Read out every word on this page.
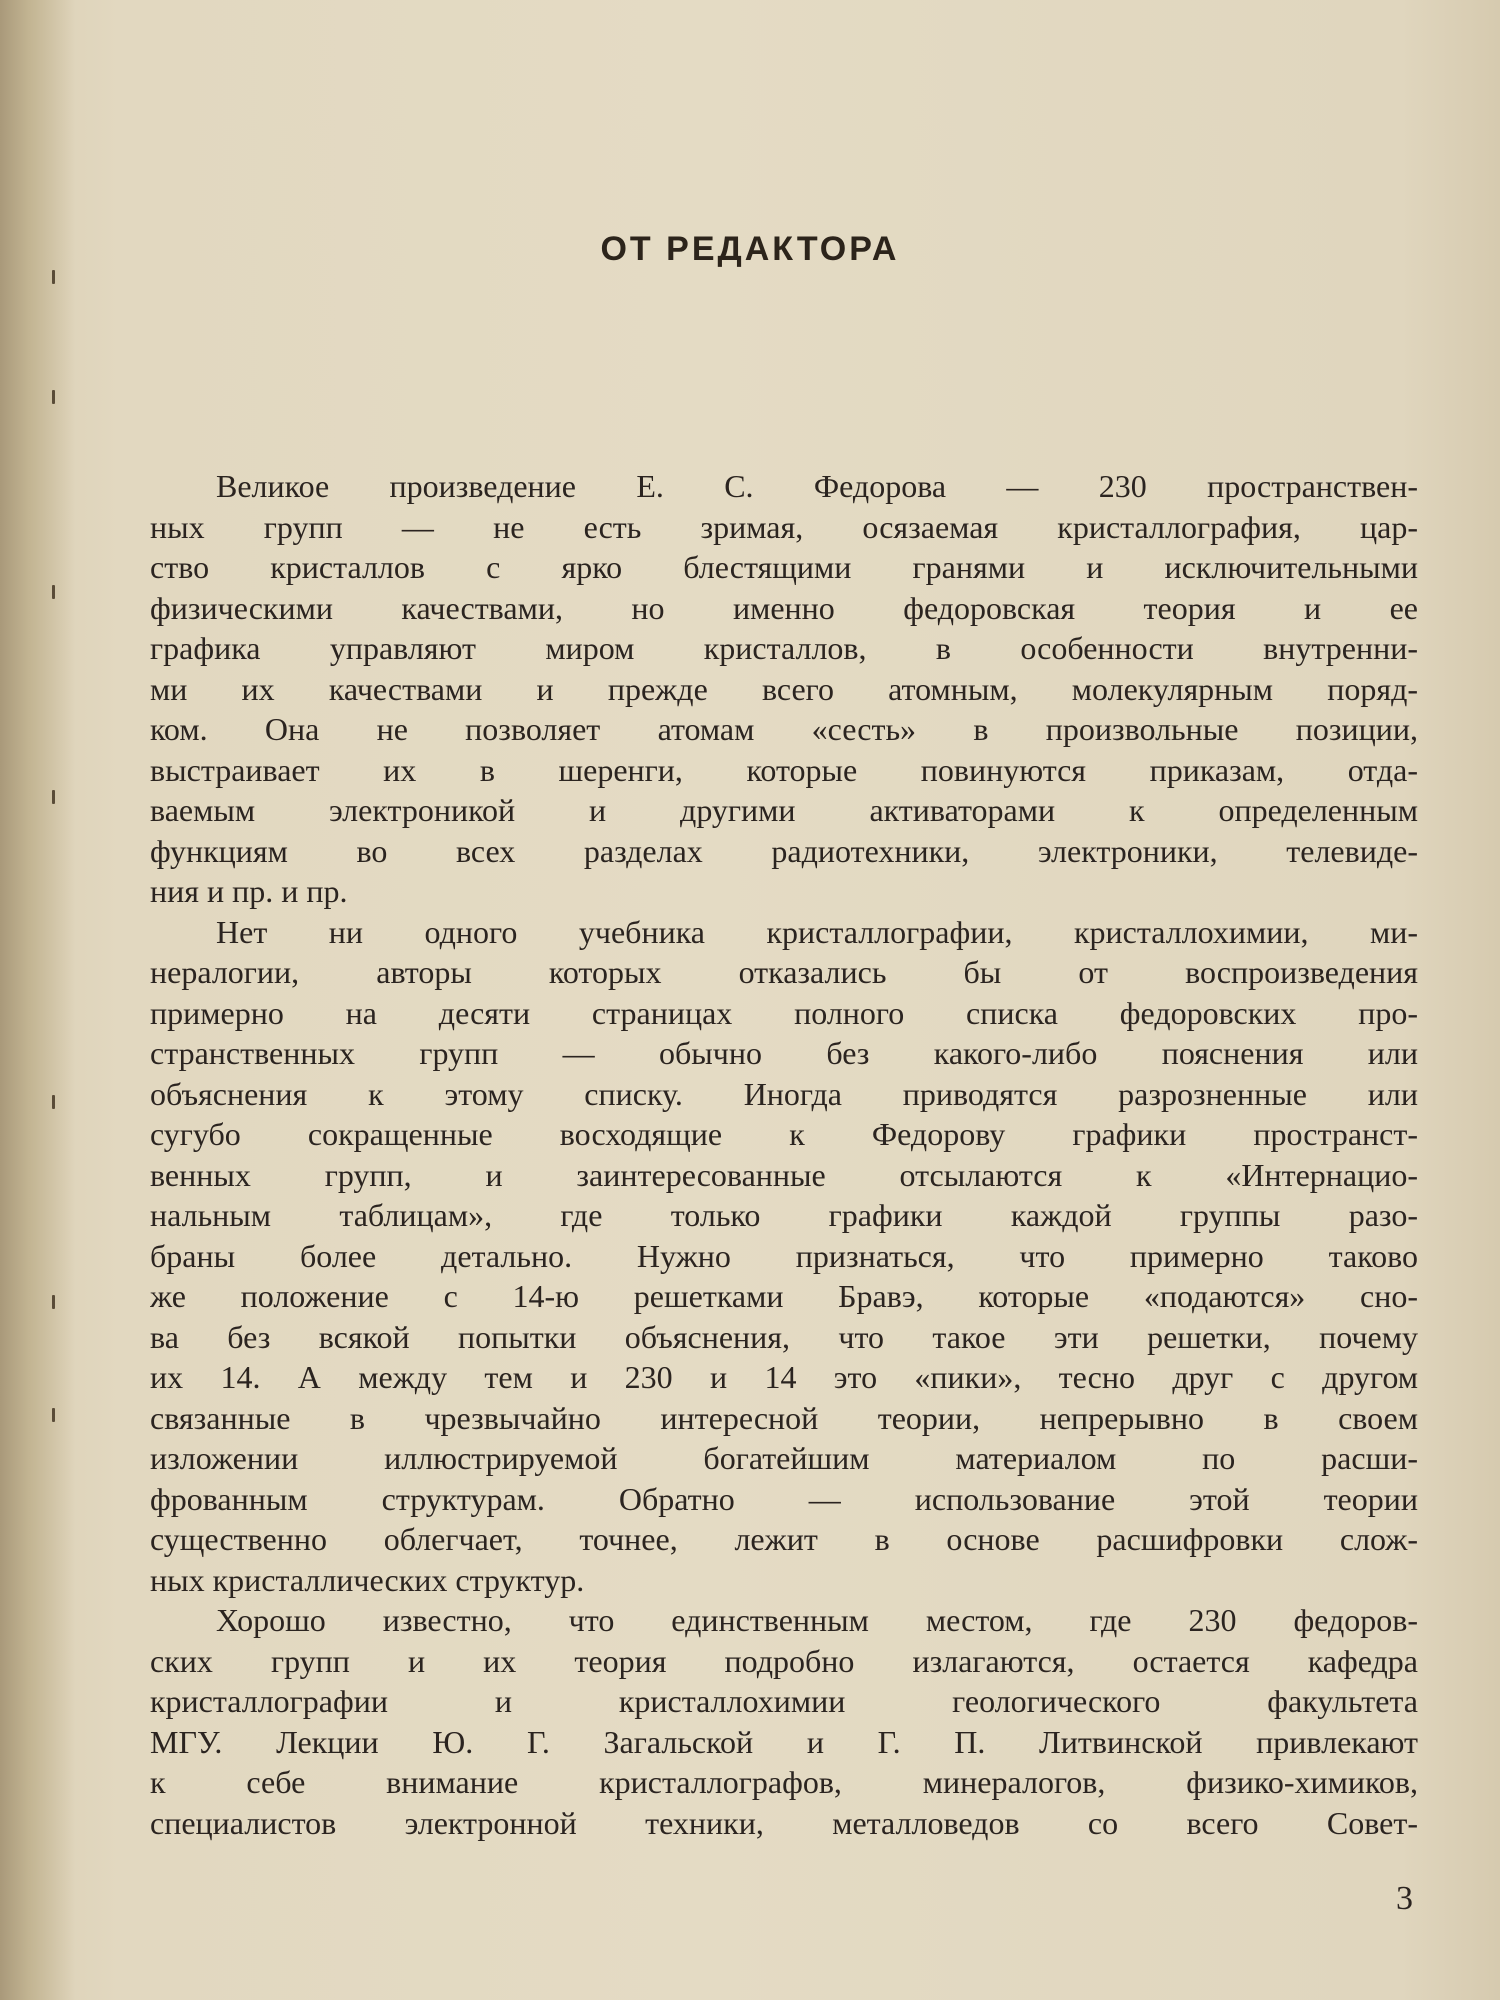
ОТ РЕДАКТОРА
Великое произведение Е. С. Федорова — 230 пространствен-
ных групп — не есть зримая, осязаемая кристаллография, цар-
ство кристаллов с ярко блестящими гранями и исключительными
физическими качествами, но именно федоровская теория и ее
графика управляют миром кристаллов, в особенности внутренни-
ми их качествами и прежде всего атомным, молекулярным поряд-
ком. Она не позволяет атомам «сесть» в произвольные позиции,
выстраивает их в шеренги, которые повинуются приказам, отда-
ваемым электроникой и другими активаторами к определенным
функциям во всех разделах радиотехники, электроники, телевиде-
ния и пр. и пр.
Нет ни одного учебника кристаллографии, кристаллохимии, ми-
нералогии, авторы которых отказались бы от воспроизведения
примерно на десяти страницах полного списка федоровских про-
странственных групп — обычно без какого-либо пояснения или
объяснения к этому списку. Иногда приводятся разрозненные или
сугубо сокращенные восходящие к Федорову графики пространст-
венных групп, и заинтересованные отсылаются к «Интернацио-
нальным таблицам», где только графики каждой группы разо-
браны более детально. Нужно признаться, что примерно таково
же положение с 14-ю решетками Бравэ, которые «подаются» сно-
ва без всякой попытки объяснения, что такое эти решетки, почему
их 14. А между тем и 230 и 14 это «пики», тесно друг с другом
связанные в чрезвычайно интересной теории, непрерывно в своем
изложении иллюстрируемой богатейшим материалом по расши-
фрованным структурам. Обратно — использование этой теории
существенно облегчает, точнее, лежит в основе расшифровки слож-
ных кристаллических структур.
Хорошо известно, что единственным местом, где 230 федоров-
ских групп и их теория подробно излагаются, остается кафедра
кристаллографии и кристаллохимии геологического факультета
МГУ. Лекции Ю. Г. Загальской и Г. П. Литвинской привлекают
к себе внимание кристаллографов, минералогов, физико-химиков,
специалистов электронной техники, металловедов со всего Совет-
3
